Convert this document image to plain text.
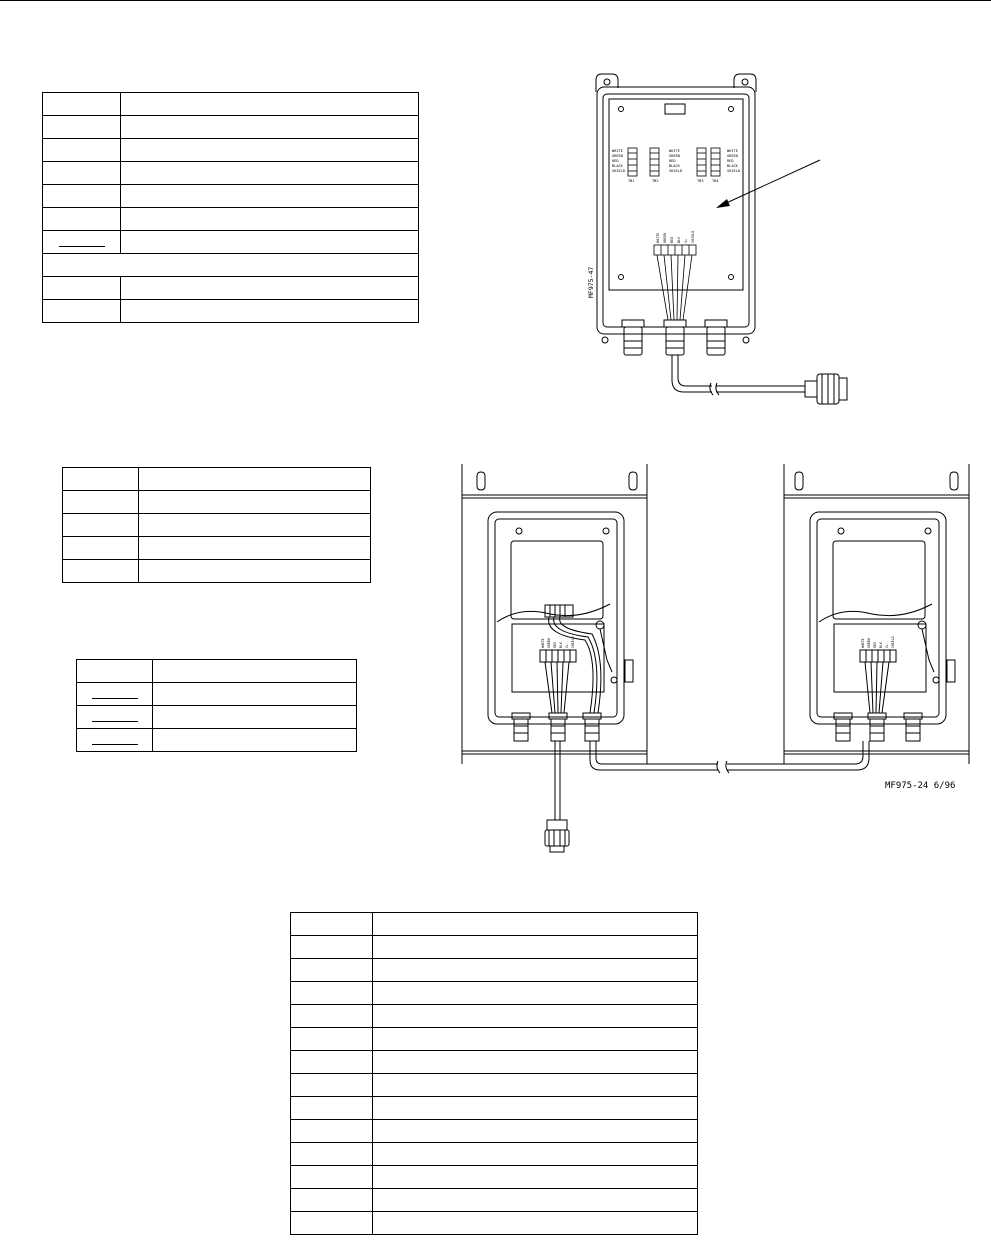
WHITE
GREEN
RED
BLACK
SHIELD
WHITE
GREEN
RED
BLACK
SHIELD
WHITE
GREEN
RED
BLACK
SHIELD
TB1	TB2	TB3 TB4
WHITE GREEN RED BLK V+ SHIELD
MF975-47
WHITE GREEN RED BLK V+ SHIELD	WHITE GREEN RED BLK V+ SHIELD
MF975-24 6/96
